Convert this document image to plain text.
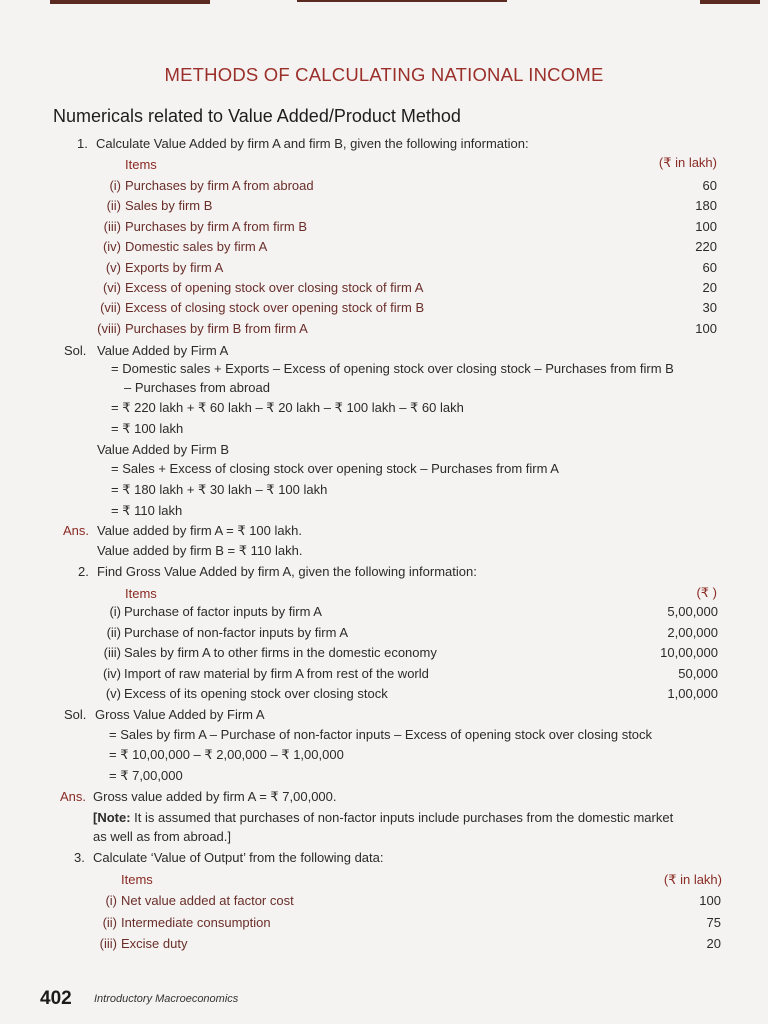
METHODS OF CALCULATING NATIONAL INCOME
Numericals related to Value Added/Product Method
1. Calculate Value Added by firm A and firm B, given the following information:
Items	(₹ in lakh)
(i) Purchases by firm A from abroad	60
(ii) Sales by firm B	180
(iii) Purchases by firm A from firm B	100
(iv) Domestic sales by firm A	220
(v) Exports by firm A	60
(vi) Excess of opening stock over closing stock of firm A	20
(vii) Excess of closing stock over opening stock of firm B	30
(viii) Purchases by firm B from firm A	100
Sol. Value Added by Firm A
= Domestic sales + Exports – Excess of opening stock over closing stock – Purchases from firm B
– Purchases from abroad
= ₹ 220 lakh + ₹ 60 lakh – ₹ 20 lakh – ₹ 100 lakh – ₹ 60 lakh
= ₹ 100 lakh
Value Added by Firm B
= Sales + Excess of closing stock over opening stock – Purchases from firm A
= ₹ 180 lakh + ₹ 30 lakh – ₹ 100 lakh
= ₹ 110 lakh
Ans. Value added by firm A = ₹ 100 lakh.
Value added by firm B = ₹ 110 lakh.
2. Find Gross Value Added by firm A, given the following information:
Items	(₹ )
(i) Purchase of factor inputs by firm A	5,00,000
(ii) Purchase of non-factor inputs by firm A	2,00,000
(iii) Sales by firm A to other firms in the domestic economy	10,00,000
(iv) Import of raw material by firm A from rest of the world	50,000
(v) Excess of its opening stock over closing stock	1,00,000
Sol. Gross Value Added by Firm A
= Sales by firm A – Purchase of non-factor inputs – Excess of opening stock over closing stock
= ₹ 10,00,000 – ₹ 2,00,000 – ₹ 1,00,000
= ₹ 7,00,000
Ans. Gross value added by firm A = ₹ 7,00,000.
[Note: It is assumed that purchases of non-factor inputs include purchases from the domestic market
as well as from abroad.]
3. Calculate ‘Value of Output’ from the following data:
Items	(₹ in lakh)
(i) Net value added at factor cost	100
(ii) Intermediate consumption	75
(iii) Excise duty	20
402 Introductory Macroeconomics
